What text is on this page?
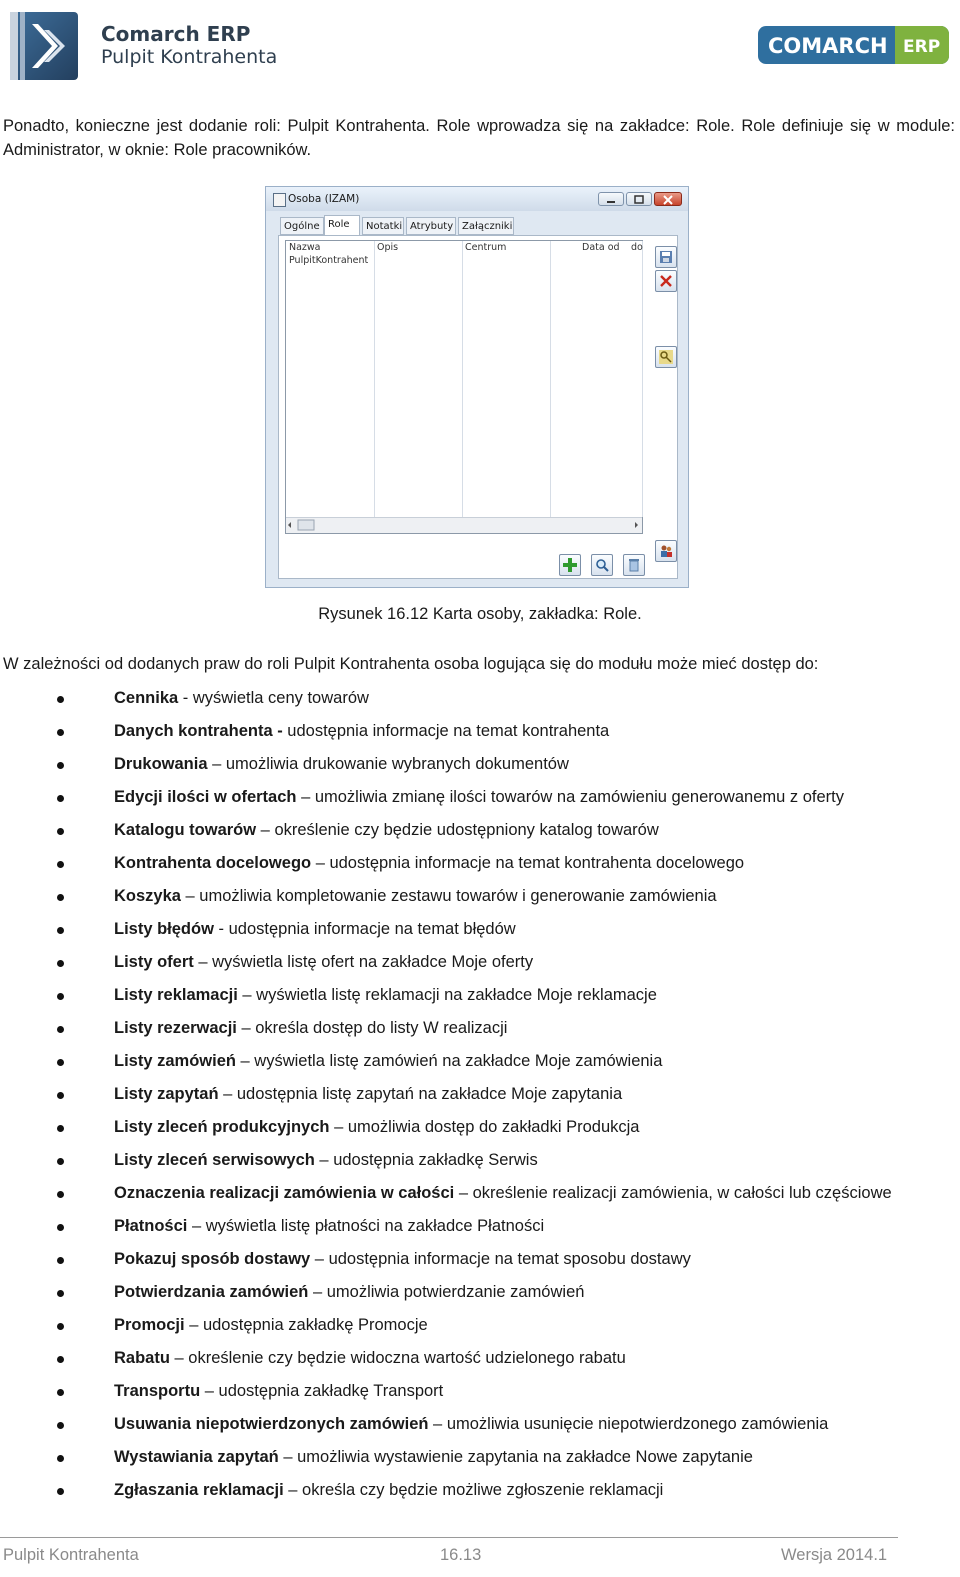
Comarch ERP
Pulpit Kontrahenta	COMARCH ERP

Ponadto, konieczne jest dodanie roli: Pulpit Kontrahenta. Role wprowadza się na zakładce: Role. Role definiuje się w module: Administrator, w oknie: Role pracowników.

Osoba (IZAM)
Ogólne Role	Notatki Atrybuty Załączniki
Nazwa	Opis	Centrum	Data od do
PulpitKontrahent
Rysunek 16.12 Karta osoby, zakładka: Role.

W zależności od dodanych praw do roli Pulpit Kontrahenta osoba logująca się do modułu może mieć dostęp do:

Cennika - wyświetla ceny towarów
Danych kontrahenta - udostępnia informacje na temat kontrahenta
Drukowania – umożliwia drukowanie wybranych dokumentów
Edycji ilości w ofertach – umożliwia zmianę ilości towarów na zamówieniu generowanemu z oferty
Katalogu towarów – określenie czy będzie udostępniony katalog towarów
Kontrahenta docelowego – udostępnia informacje na temat kontrahenta docelowego
Koszyka – umożliwia kompletowanie zestawu towarów i generowanie zamówienia
Listy błędów - udostępnia informacje na temat błędów
Listy ofert – wyświetla listę ofert na zakładce Moje oferty
Listy reklamacji – wyświetla listę reklamacji na zakładce Moje reklamacje
Listy rezerwacji – określa dostęp do listy W realizacji
Listy zamówień – wyświetla listę zamówień na zakładce Moje zamówienia
Listy zapytań – udostępnia listę zapytań na zakładce Moje zapytania
Listy zleceń produkcyjnych – umożliwia dostęp do zakładki Produkcja
Listy zleceń serwisowych – udostępnia zakładkę Serwis
Oznaczenia realizacji zamówienia w całości – określenie realizacji zamówienia, w całości lub częściowe
Płatności – wyświetla listę płatności na zakładce Płatności
Pokazuj sposób dostawy – udostępnia informacje na temat sposobu dostawy
Potwierdzania zamówień – umożliwia potwierdzanie zamówień
Promocji – udostępnia zakładkę Promocje
Rabatu – określenie czy będzie widoczna wartość udzielonego rabatu
Transportu – udostępnia zakładkę Transport
Usuwania niepotwierdzonych zamówień – umożliwia usunięcie niepotwierdzonego zamówienia
Wystawiania zapytań – umożliwia wystawienie zapytania na zakładce Nowe zapytanie
Zgłaszania reklamacji – określa czy będzie możliwe zgłoszenie reklamacji
Pulpit Kontrahenta	16.13	Wersja 2014.1
